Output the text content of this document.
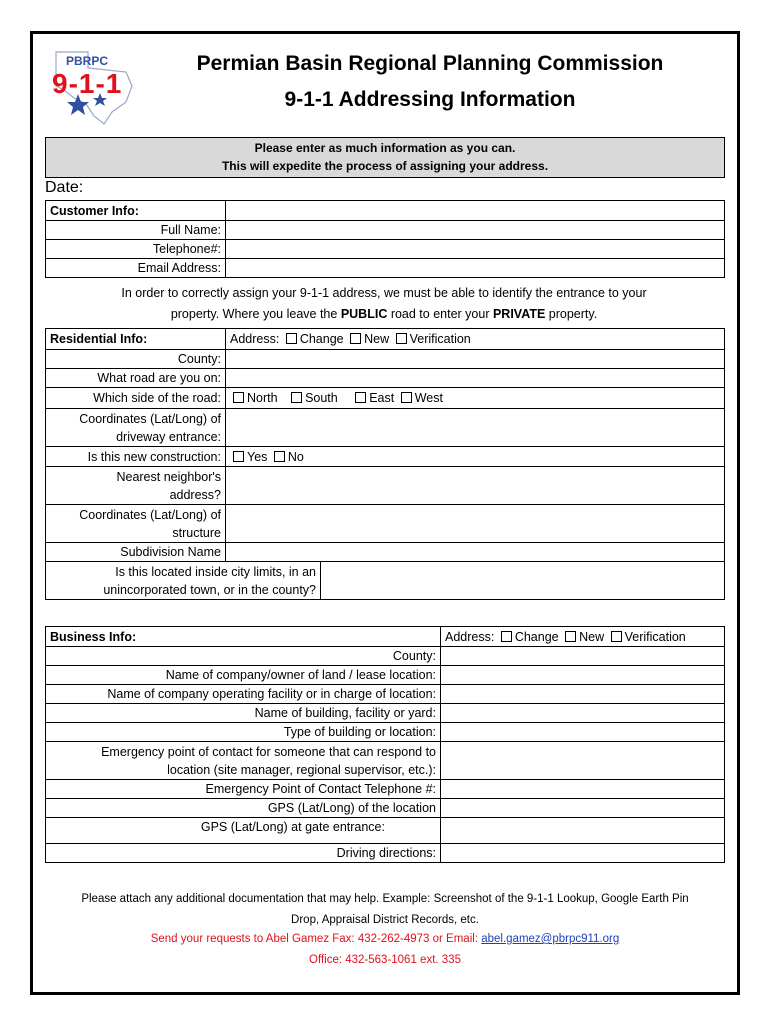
PBRPC
9-1-1
Permian Basin Regional Planning Commission
9-1-1 Addressing Information
Please enter as much information as you can.
This will expedite the process of assigning your address.
Date:
Customer Info:	
Full Name:	
Telephone#:	
Email Address:	
In order to correctly assign your 9-1-1 address, we must be able to identify the entrance to your
property. Where you leave the PUBLIC road to enter your PRIVATE property.
Residential Info:	Address: Change New Verification	
County:		
What road are you on:		
Which side of the road:	North South East West	

Coordinates (Lat/Long) of
driveway entrance:		

Is this new construction:	Yes No	

Nearest neighbor's
address?		

Coordinates (Lat/Long) of
structure		

Subdivision Name		

Is this located inside city limits, in an
unincorporated town, or in the county?		

Business Info:	Address: Change New Verification
County:	
Name of company/owner of land / lease location:	
Name of company operating facility or in charge of location:	
Name of building, facility or yard:	
Type of building or location:	

Emergency point of contact for someone that can respond to
location (site manager, regional supervisor, etc.):	

Emergency Point of Contact Telephone #:	
GPS (Lat/Long) of the location	
GPS (Lat/Long) at gate entrance:	
Driving directions:	
Please attach any additional documentation that may help. Example: Screenshot of the 9-1-1 Lookup, Google Earth Pin
Drop, Appraisal District Records, etc.
Send your requests to Abel Gamez Fax: 432-262-4973 or Email: abel.gamez@pbrpc911.org
Office: 432-563-1061 ext. 335
